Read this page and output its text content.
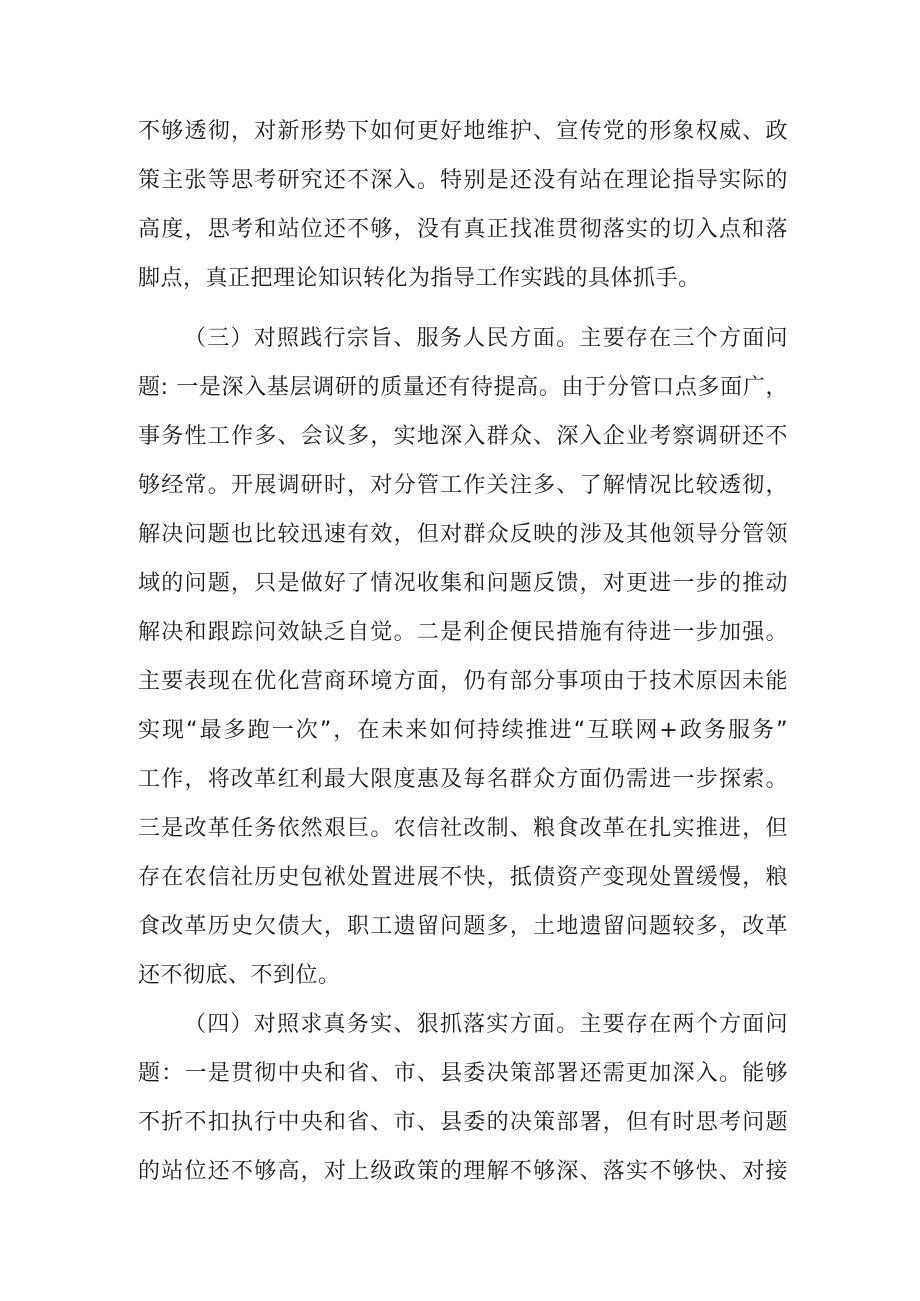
不够透彻，对新形势下如何更好地维护、宣传党的形象权威、政
策主张等思考研究还不深入。特别是还没有站在理论指导实际的
高度，思考和站位还不够，没有真正找准贯彻落实的切入点和落
脚点，真正把理论知识转化为指导工作实践的具体抓手。
（三）对照践行宗旨、服务人民方面。主要存在三个方面问
题: 一是深入基层调研的质量还有待提高。由于分管口点多面广，
事务性工作多、会议多，实地深入群众、深入企业考察调研还不
够经常。开展调研时，对分管工作关注多、了解情况比较透彻，
解决问题也比较迅速有效，但对群众反映的涉及其他领导分管领
域的问题，只是做好了情况收集和问题反馈，对更进一步的推动
解决和跟踪问效缺乏自觉。二是利企便民措施有待进一步加强。
主要表现在优化营商环境方面，仍有部分事项由于技术原因未能
实现“最多跑一次”，在未来如何持续推进“互联网+政务服务”
工作，将改革红利最大限度惠及每名群众方面仍需进一步探索。
三是改革任务依然艰巨。农信社改制、粮食改革在扎实推进，但
存在农信社历史包袱处置进展不快，抵债资产变现处置缓慢，粮
食改革历史欠债大，职工遗留问题多，土地遗留问题较多，改革
还不彻底、不到位。
（四）对照求真务实、狠抓落实方面。主要存在两个方面问
题：一是贯彻中央和省、市、县委决策部署还需更加深入。能够
不折不扣执行中央和省、市、县委的决策部署，但有时思考问题
的站位还不够高，对上级政策的理解不够深、落实不够快、对接
